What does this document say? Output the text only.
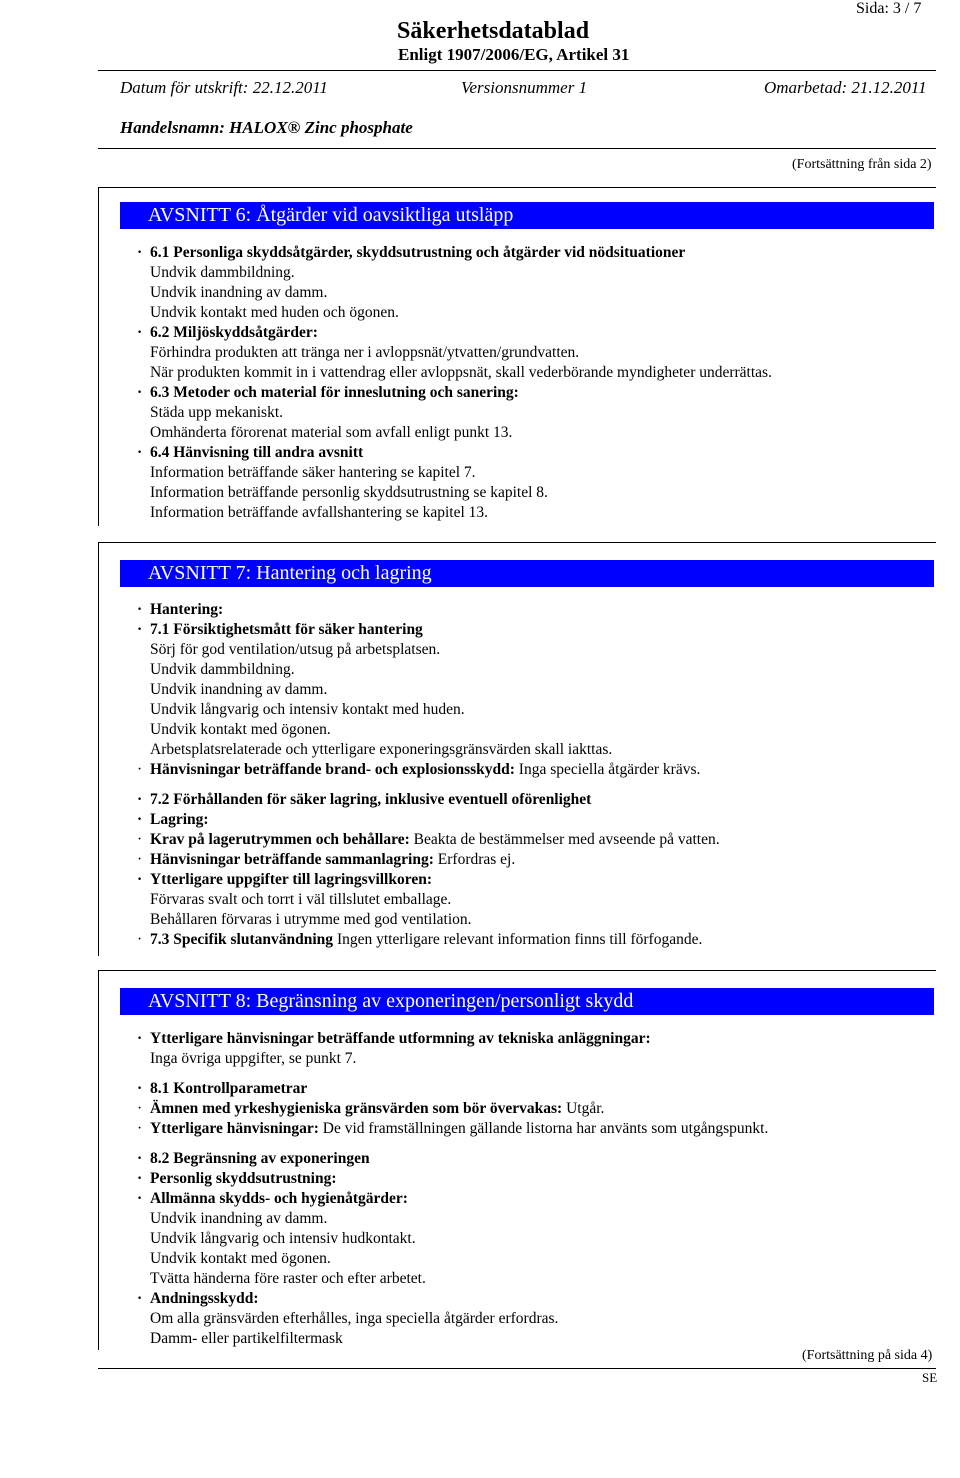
Sida: 3 / 7
Säkerhetsdatablad
Enligt 1907/2006/EG, Artikel 31
Datum för utskrift: 22.12.2011	Versionsnummer 1	Omarbetad: 21.12.2011
Handelsnamn: HALOX® Zinc phosphate
(Fortsättning från sida 2)
AVSNITT 6: Åtgärder vid oavsiktliga utsläpp
· 6.1 Personliga skyddsåtgärder, skyddsutrustning och åtgärder vid nödsituationer
Undvik dammbildning.
Undvik inandning av damm.
Undvik kontakt med huden och ögonen.
· 6.2 Miljöskyddsåtgärder:
Förhindra produkten att tränga ner i avloppsnät/ytvatten/grundvatten.
När produkten kommit in i vattendrag eller avloppsnät, skall vederbörande myndigheter underrättas.
· 6.3 Metoder och material för inneslutning och sanering:
Städa upp mekaniskt.
Omhänderta förorenat material som avfall enligt punkt 13.
· 6.4 Hänvisning till andra avsnitt
Information beträffande säker hantering se kapitel 7.
Information beträffande personlig skyddsutrustning se kapitel 8.
Information beträffande avfallshantering se kapitel 13.
AVSNITT 7: Hantering och lagring
· Hantering:
· 7.1 Försiktighetsmått för säker hantering
Sörj för god ventilation/utsug på arbetsplatsen.
Undvik dammbildning.
Undvik inandning av damm.
Undvik långvarig och intensiv kontakt med huden.
Undvik kontakt med ögonen.
Arbetsplatsrelaterade och ytterligare exponeringsgränsvärden skall iakttas.
· Hänvisningar beträffande brand- och explosionsskydd: Inga speciella åtgärder krävs.
· 7.2 Förhållanden för säker lagring, inklusive eventuell oförenlighet
· Lagring:
· Krav på lagerutrymmen och behållare: Beakta de bestämmelser med avseende på vatten.
· Hänvisningar beträffande sammanlagring: Erfordras ej.
· Ytterligare uppgifter till lagringsvillkoren:
Förvaras svalt och torrt i väl tillslutet emballage.
Behållaren förvaras i utrymme med god ventilation.
· 7.3 Specifik slutanvändning Ingen ytterligare relevant information finns till förfogande.
AVSNITT 8: Begränsning av exponeringen/personligt skydd
· Ytterligare hänvisningar beträffande utformning av tekniska anläggningar:
Inga övriga uppgifter, se punkt 7.
· 8.1 Kontrollparametrar
· Ämnen med yrkeshygieniska gränsvärden som bör övervakas: Utgår.
· Ytterligare hänvisningar: De vid framställningen gällande listorna har använts som utgångspunkt.
· 8.2 Begränsning av exponeringen
· Personlig skyddsutrustning:
· Allmänna skydds- och hygienåtgärder:
Undvik inandning av damm.
Undvik långvarig och intensiv hudkontakt.
Undvik kontakt med ögonen.
Tvätta händerna före raster och efter arbetet.
· Andningsskydd:
Om alla gränsvärden efterhålles, inga speciella åtgärder erfordras.
Damm- eller partikelfiltermask
(Fortsättning på sida 4)
SE
